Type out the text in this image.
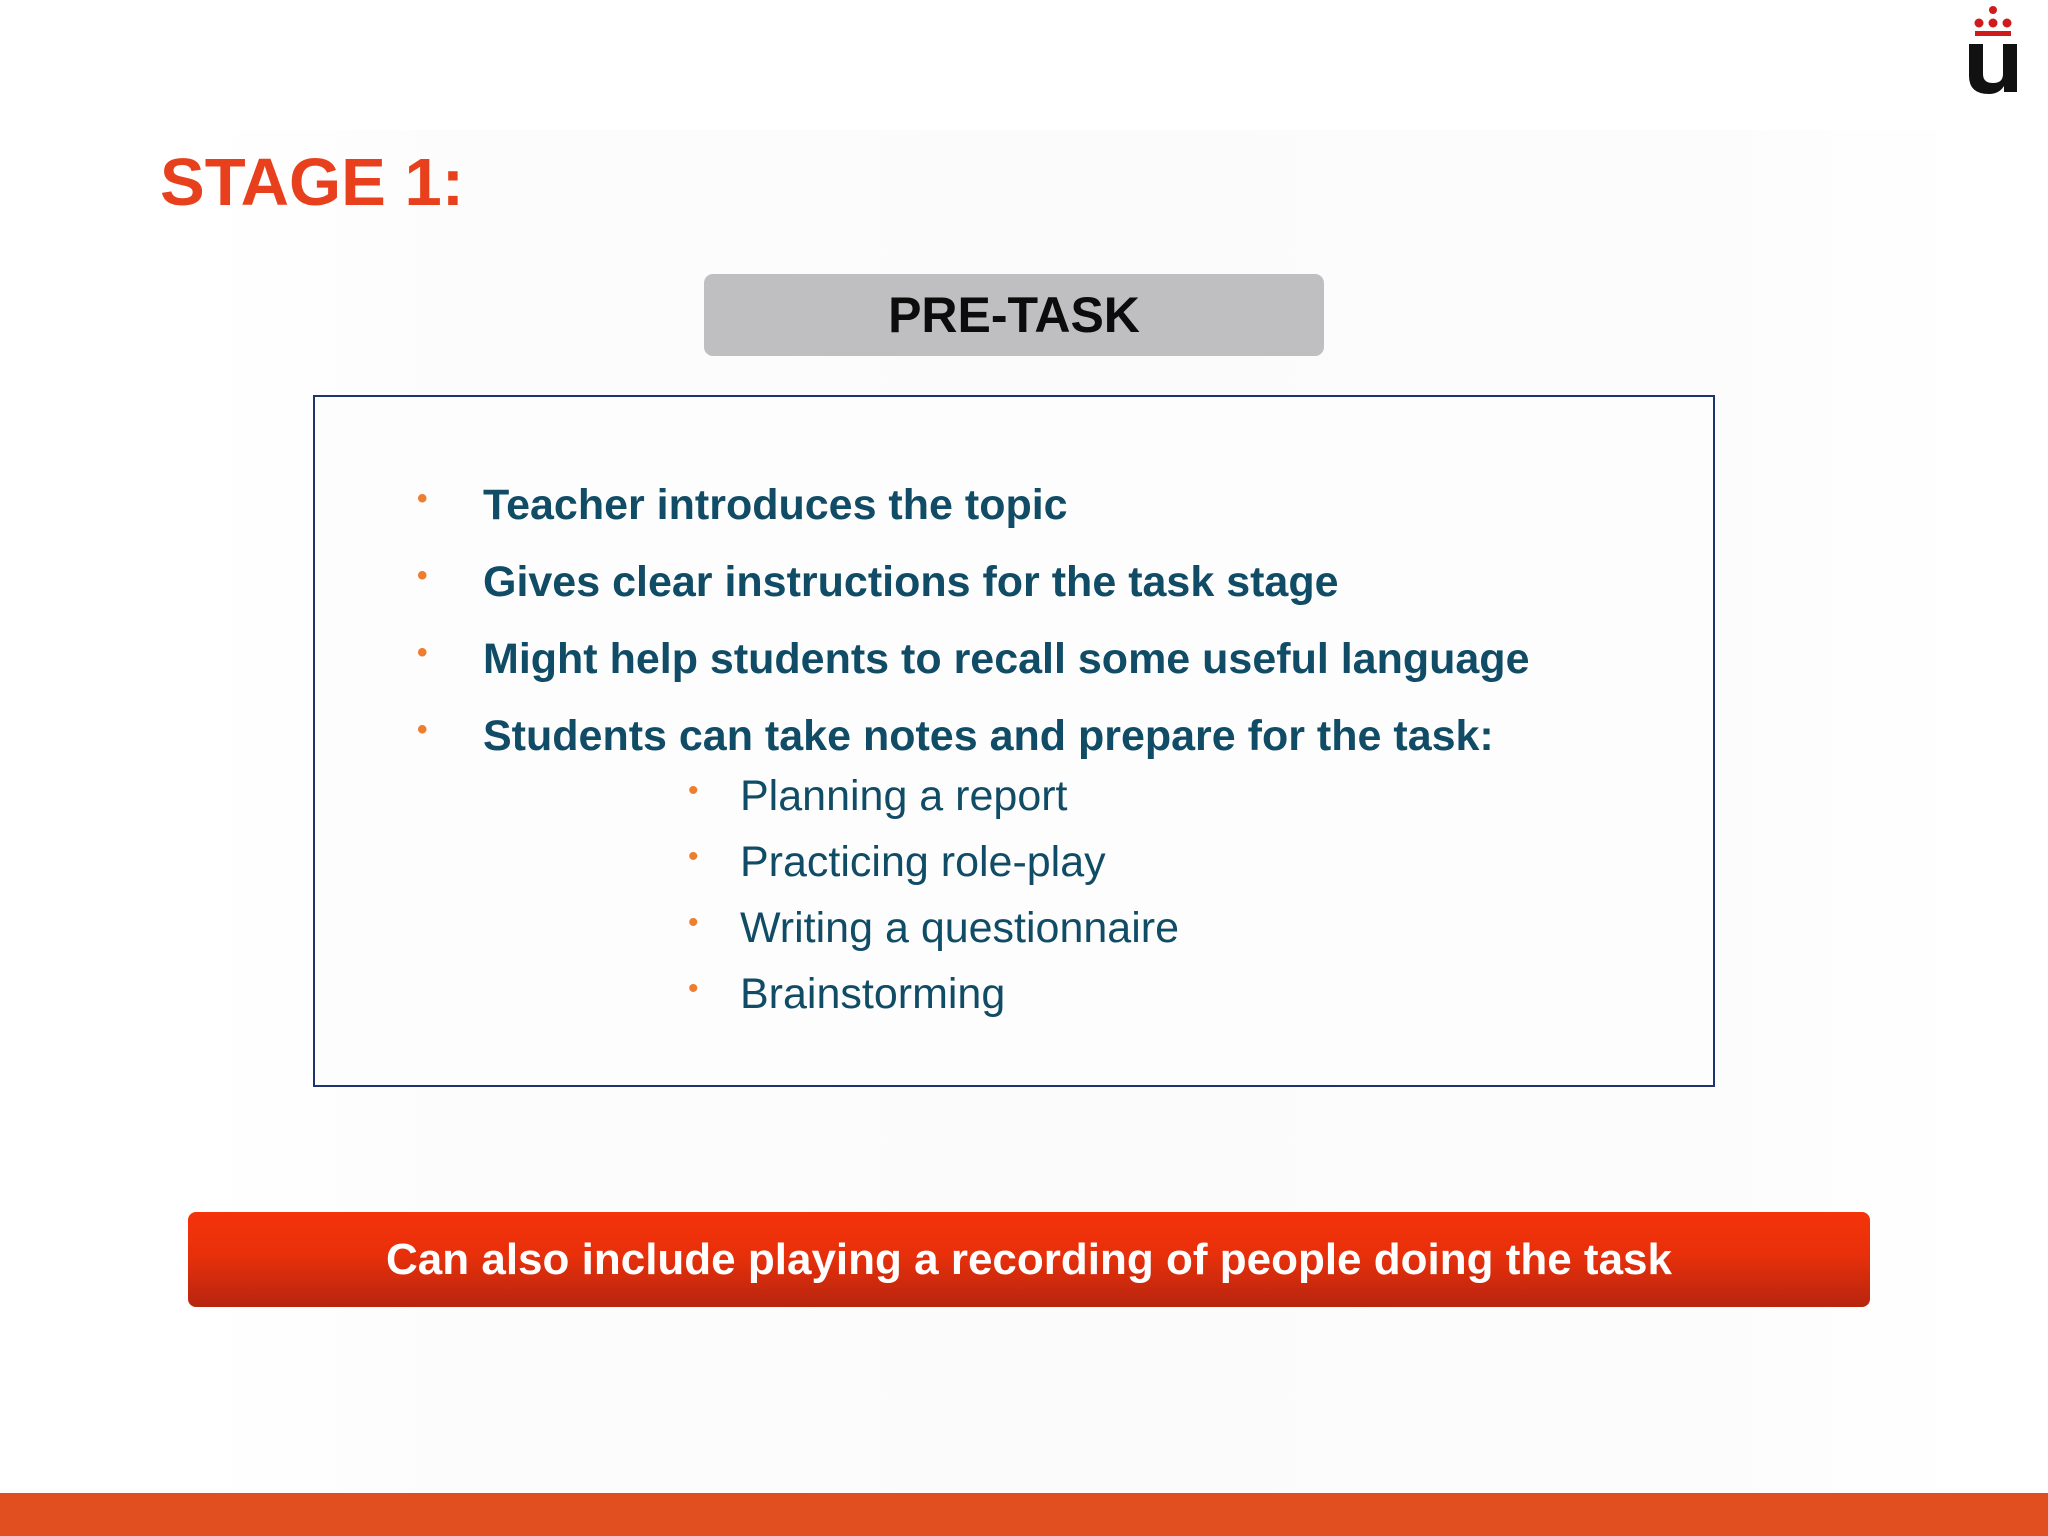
STAGE 1:
PRE-TASK
• Teacher introduces the topic
• Gives clear instructions for the task stage
• Might help students to recall some useful language
• Students can take notes and prepare for the task:
• Planning a report
• Practicing role-play
• Writing a questionnaire
• Brainstorming
Can also include playing a recording of people doing the task
